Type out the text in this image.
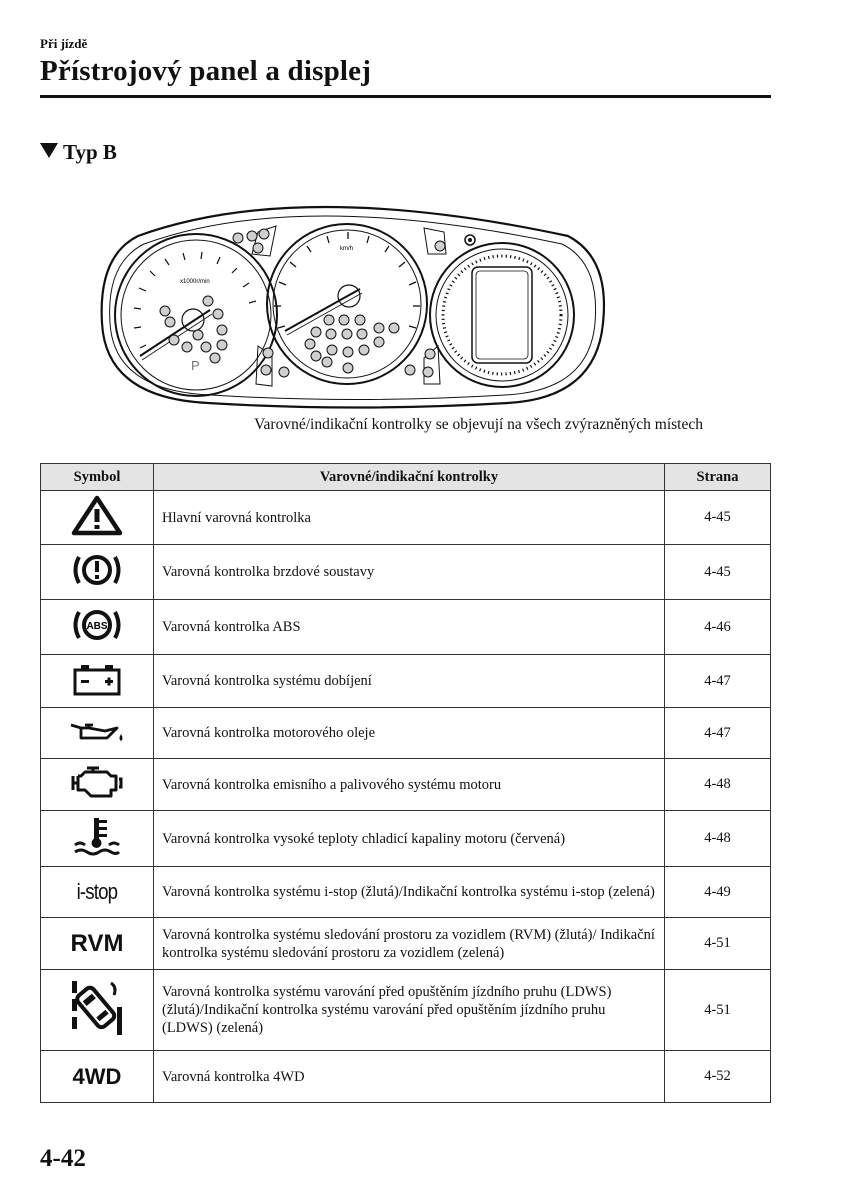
Při jízdě
Přístrojový panel a displej
Typ B
x1000r/min
P
km/h
Varovné/indikační kontrolky se objevují na všech zvýrazněných místech
Symbol	Varovné/indikační kontrolky	Strana
	Hlavní varovná kontrolka	4-45
	Varovná kontrolka brzdové soustavy	4-45

ABS	Varovná kontrolka ABS	4-46
	Varovná kontrolka systému dobíjení	4-47
	Varovná kontrolka motorového oleje	4-47
	Varovná kontrolka emisního a palivového systému motoru	4-48
	Varovná kontrolka vysoké teploty chladicí kapaliny motoru (červená)	4-48
i-stop	Varovná kontrolka systému i-stop (žlutá)/Indikační kontrolka systému i-stop (zelená)	4-49
RVM	Varovná kontrolka systému sledování prostoru za vozidlem (RVM) (žlutá)/ Indikační kontrolka systému sledování prostoru za vozidlem (zelená)	4-51
	Varovná kontrolka systému varování před opuštěním jízdního pruhu (LDWS) (žlutá)/Indikační kontrolka systému varování před opuštěním jízdního pruhu (LDWS) (zelená)	4-51
4WD	Varovná kontrolka 4WD	4-52
4-42
